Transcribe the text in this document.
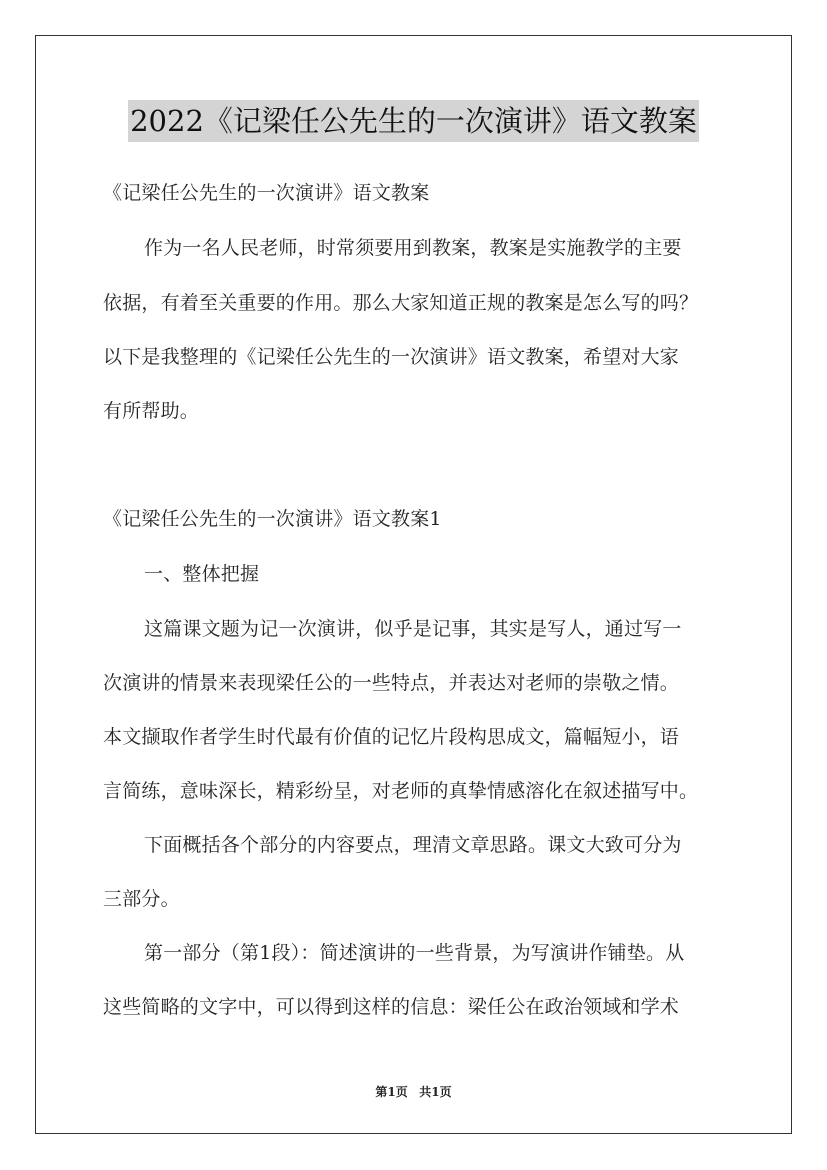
2022《记梁任公先生的一次演讲》语文教案
《记梁任公先生的一次演讲》语文教案
作为一名人民老师，时常须要用到教案，教案是实施教学的主要
依据，有着至关重要的作用。那么大家知道正规的教案是怎么写的吗？
以下是我整理的《记梁任公先生的一次演讲》语文教案，希望对大家
有所帮助。
《记梁任公先生的一次演讲》语文教案1
一、整体把握
这篇课文题为记一次演讲，似乎是记事，其实是写人，通过写一
次演讲的情景来表现梁任公的一些特点，并表达对老师的崇敬之情。
本文撷取作者学生时代最有价值的记忆片段构思成文，篇幅短小，语
言简练，意味深长，精彩纷呈，对老师的真挚情感溶化在叙述描写中。
下面概括各个部分的内容要点，理清文章思路。课文大致可分为
三部分。
第一部分（第1段）：简述演讲的一些背景，为写演讲作铺垫。从
这些简略的文字中，可以得到这样的信息：梁任公在政治领域和学术
第1页 共1页
